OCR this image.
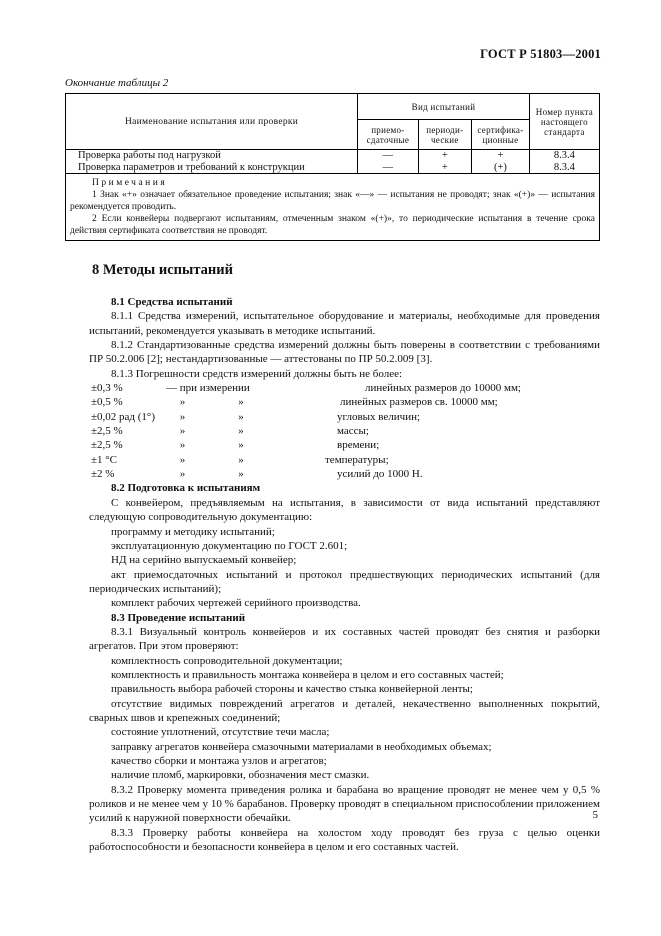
ГОСТ Р 51803—2001
Окончание таблицы 2
Наименование испытания или проверки	Вид испытаний			Номер пункта настоящего стандарта
	приемо-сдаточные	периоди-ческие	сертифика-ционные	
Проверка работы под нагрузкой	—	+	+	8.3.4
Проверка параметров и требований к конструкции	—	+	(+)	8.3.4

Примечания
1 Знак «+» означает обязательное проведение испытания; знак «—» — испытания не проводят; знак «(+)» — испытания рекомендуется проводить.
2 Если конвейеры подвергают испытаниям, отмеченным знаком «(+)», то периодические испытания в течение срока действия сертификата соответствия не проводят.				
8 Методы испытаний

8.1 Средства испытаний

8.1.1 Средства измерений, испытательное оборудование и материалы, необходимые для проведения испытаний, рекомендуется указывать в методике испытаний.

8.1.2 Стандартизованные средства измерений должны быть поверены в соответствии с требованиями ПР 50.2.006 [2]; нестандартизованные — аттестованы по ПР 50.2.009 [3].

8.1.3 Погрешности средств измерений должны быть не более:

±0,3 %	— при измерении	линейных размеров до 10000 мм;
±0,5 %	»	»	линейных размеров св. 10000 мм;
±0,02 рад (1°)	»	»	угловых величин;
±2,5 %	»	»	массы;
±2,5 %	»	»	времени;
±1 °С	»	»	температуры;
±2 %	»	»	усилий до 1000 Н.

8.2 Подготовка к испытаниям

С конвейером, предъявляемым на испытания, в зависимости от вида испытаний представляют следующую сопроводительную документацию:

программу и методику испытаний;

эксплуатационную документацию по ГОСТ 2.601;

НД на серийно выпускаемый конвейер;

акт приемосдаточных испытаний и протокол предшествующих периодических испытаний (для периодических испытаний);

комплект рабочих чертежей серийного производства.

8.3 Проведение испытаний

8.3.1 Визуальный контроль конвейеров и их составных частей проводят без снятия и разборки агрегатов. При этом проверяют:

комплектность сопроводительной документации;

комплектность и правильность монтажа конвейера в целом и его составных частей;

правильность выбора рабочей стороны и качество стыка конвейерной ленты;

отсутствие видимых повреждений агрегатов и деталей, некачественно выполненных покрытий, сварных швов и крепежных соединений;

состояние уплотнений, отсутствие течи масла;

заправку агрегатов конвейера смазочными материалами в необходимых объемах;

качество сборки и монтажа узлов и агрегатов;

наличие пломб, маркировки, обозначения мест смазки.

8.3.2 Проверку момента приведения ролика и барабана во вращение проводят не менее чем у 0,5 % роликов и не менее чем у 10 % барабанов. Проверку проводят в специальном приспособлении приложением усилий к наружной поверхности обечайки.

8.3.3 Проверку работы конвейера на холостом ходу проводят без груза с целью оценки работоспособности и безопасности конвейера в целом и его составных частей.

5
